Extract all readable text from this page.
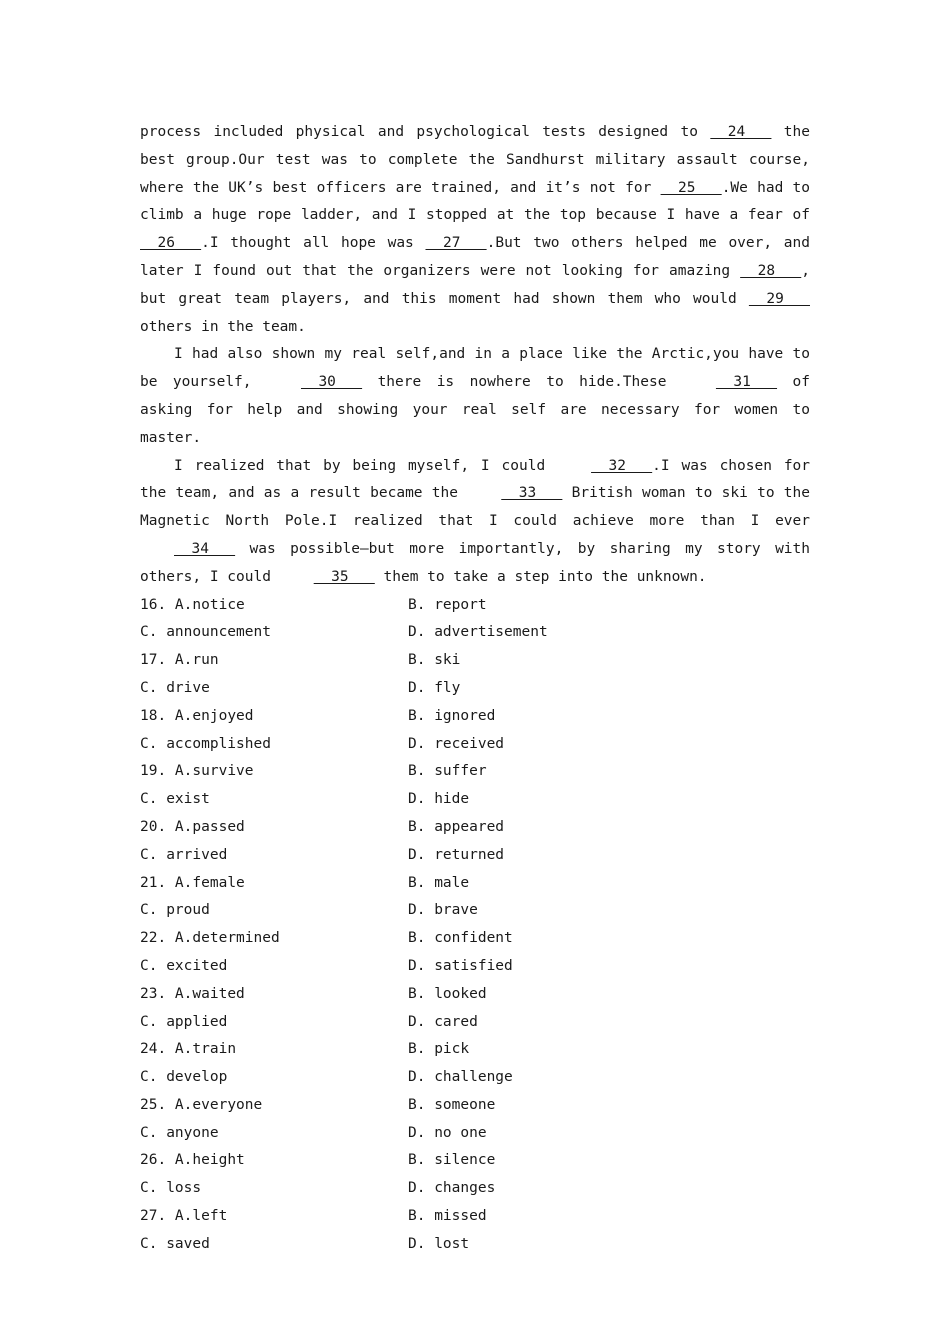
process included physical and psychological tests designed to   24    the best group.Our test was to complete the Sandhurst military assault course, where the UK’s best officers are trained, and it’s not for   25   .We had to climb a huge rope ladder, and I stopped at the top because I have a fear of   26   .I thought all hope was   27   .But two others helped me over, and later I found out that the organizers were not looking for amazing   28   , but great team players, and this moment had shown them who would   29    others in the team.

I had also shown my real self,and in a place like the Arctic,you have to be yourself,   30    there is nowhere to hide.These   31    of asking for help and showing your real self are necessary for women to master.

I realized that by being myself, I could   32   .I was chosen for the team, and as a result became the   33    British woman to ski to the Magnetic North Pole.I realized that I could achieve more than I ever   34    was possible—but more importantly, by sharing my story with others, I could   35    them to take a step into the unknown.

16. A.notice	B. report
C. announcement	D. advertisement
17. A.run	B. ski
C. drive	D. fly
18. A.enjoyed	B. ignored
C. accomplished	D. received
19. A.survive	B. suffer
C. exist	D. hide
20. A.passed	B. appeared
C. arrived	D. returned
21. A.female	B. male
C. proud	D. brave
22. A.determined	B. confident
C. excited	D. satisfied
23. A.waited	B. looked
C. applied	D. cared
24. A.train	B. pick
C. develop	D. challenge
25. A.everyone	B. someone
C. anyone	D. no one
26. A.height	B. silence
C. loss	D. changes
27. A.left	B. missed
C. saved	D. lost
